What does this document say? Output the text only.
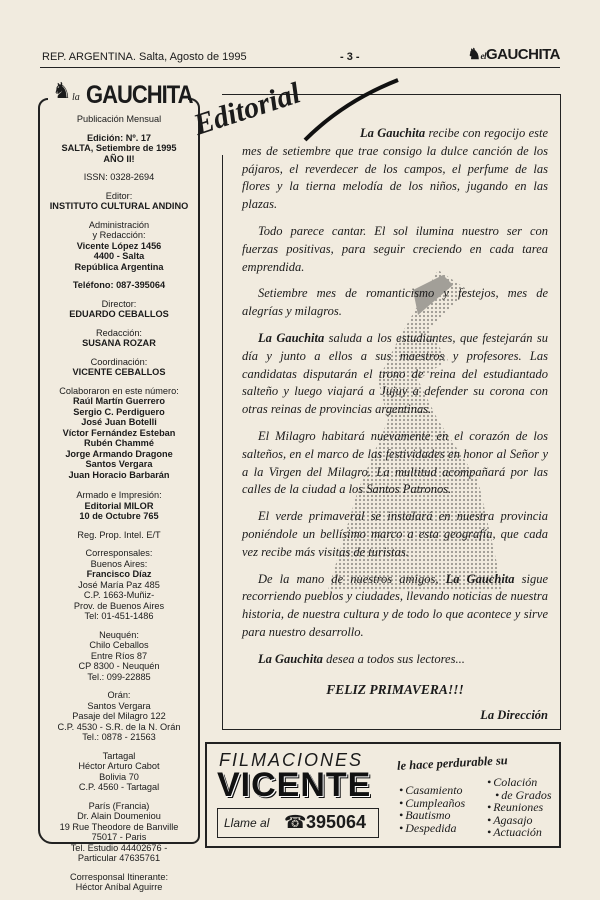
REP. ARGENTINA. Salta, Agosto de 1995	- 3 -	♞elGAUCHITA
Publicación Mensual
Edición: Nº. 17
SALTA, Setiembre de 1995
AÑO II!
ISSN: 0328-2694
Editor:
INSTITUTO CULTURAL ANDINO
Administración
y Redacción:
Vicente López 1456
4400 - Salta
República Argentina
Teléfono: 087-395064
Director:
EDUARDO CEBALLOS
Redacción:
SUSANA ROZAR
Coordinación:
VICENTE CEBALLOS
Colaboraron en este número:
Raúl Martín Guerrero
Sergio C. Perdiguero
José Juan Botelli
Víctor Fernández Esteban
Rubén Chammé
Jorge Armando Dragone
Santos Vergara
Juan Horacio Barbarán
Armado e Impresión:
Editorial MILOR
10 de Octubre 765
Reg. Prop. Intel. E/T
Corresponsales:
Buenos Aires:
Francisco Díaz
José María Paz 485
C.P. 1663-Muñiz-
Prov. de Buenos Aires
Tel: 01-451-1486
Neuquén:
Chilo Ceballos
Entre Ríos 87
CP 8300 - Neuquén
Tel.: 099-22885
Orán:
Santos Vergara
Pasaje del Milagro 122
C.P. 4530 - S.R. de la N. Orán
Tel.: 0878 - 21563
Tartagal
Héctor Arturo Cabot
Bolivia 70
C.P. 4560 - Tartagal
París (Francia)
Dr. Alain Doumeniou
19 Rue Theodore de Banville
75017 - Paris
Tel. Estudio 44402676 -
Particular 47635761
Corresponsal Itinerante:
Héctor Aníbal Aguirre
♞ la GAUCHITA
Editorial	La Gauchita recibe con regocijo este mes de setiembre que trae consigo la dulce canción de los pájaros, el reverdecer de los campos, el perfume de las flores y la tierna melodía de los niños, jugando en las plazas.

Todo parece cantar. El sol ilumina nuestro ser con fuerzas positivas, para seguir creciendo en cada tarea emprendida.

Setiembre mes de romanticismo y festejos, mes de alegrías y milagros.

La Gauchita saluda a los estudiantes, que festejarán su día y junto a ellos a sus maestros y profesores. Las candidatas disputarán el trono de reina del estudiantado salteño y luego viajará a Jujuy a defender su corona con otras reinas de provincias argentinas.

El Milagro habitará nuevamente en el corazón de los salteños, en el marco de las festividades en honor al Señor y a la Virgen del Milagro. La multitud acompañará por las calles de la ciudad a los Santos Patronos.

El verde primaveral se instalará en nuestra provincia poniéndole un bellísimo marco a esta geografía, que cada vez recibe más visitas de turistas.

De la mano de nuestros amigos, La Gauchita sigue recorriendo pueblos y ciudades, llevando noticias de nuestra historia, de nuestra cultura y de todo lo que acontece y sirve para nuestro desarrollo.

La Gauchita desea a todos sus lectores...

FELIZ PRIMAVERA!!!

La Dirección

FILMACIONES
VICENTE
Llame al ☎ 395064
le hace perdurable su
• Casamiento
• Cumpleaños
• Bautismo
• Despedida
• Colación
• de Grados
• Reuniones
• Agasajo
• Actuación
